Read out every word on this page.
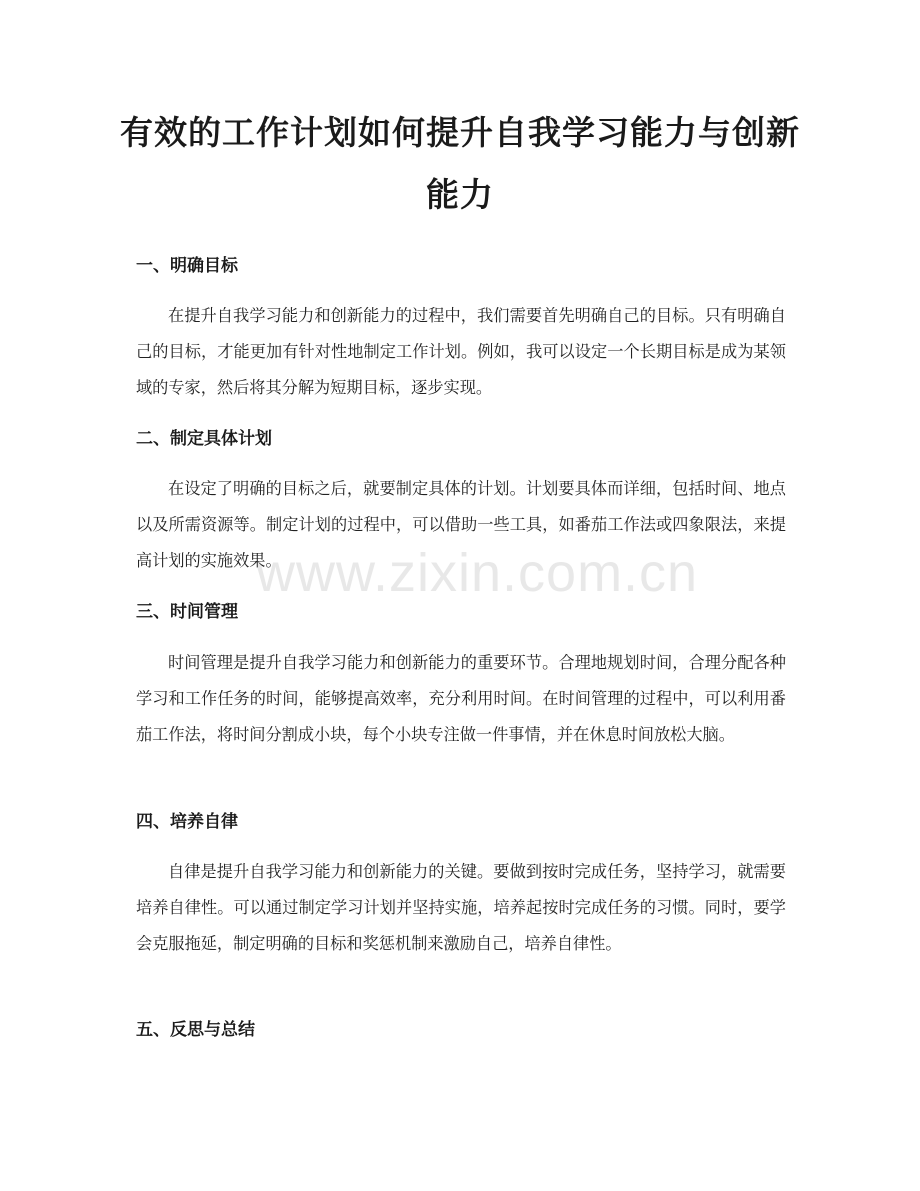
有效的工作计划如何提升自我学习能力与创新能力
一、明确目标

在提升自我学习能力和创新能力的过程中，我们需要首先明确自己的目标。只有明确自己的目标，才能更加有针对性地制定工作计划。例如，我可以设定一个长期目标是成为某领域的专家，然后将其分解为短期目标，逐步实现。

二、制定具体计划

在设定了明确的目标之后，就要制定具体的计划。计划要具体而详细，包括时间、地点以及所需资源等。制定计划的过程中，可以借助一些工具，如番茄工作法或四象限法，来提高计划的实施效果。

三、时间管理

时间管理是提升自我学习能力和创新能力的重要环节。合理地规划时间，合理分配各种学习和工作任务的时间，能够提高效率，充分利用时间。在时间管理的过程中，可以利用番茄工作法，将时间分割成小块，每个小块专注做一件事情，并在休息时间放松大脑。

四、培养自律

自律是提升自我学习能力和创新能力的关键。要做到按时完成任务，坚持学习，就需要培养自律性。可以通过制定学习计划并坚持实施，培养起按时完成任务的习惯。同时，要学会克服拖延，制定明确的目标和奖惩机制来激励自己，培养自律性。

五、反思与总结
www.zixin.com.cn
